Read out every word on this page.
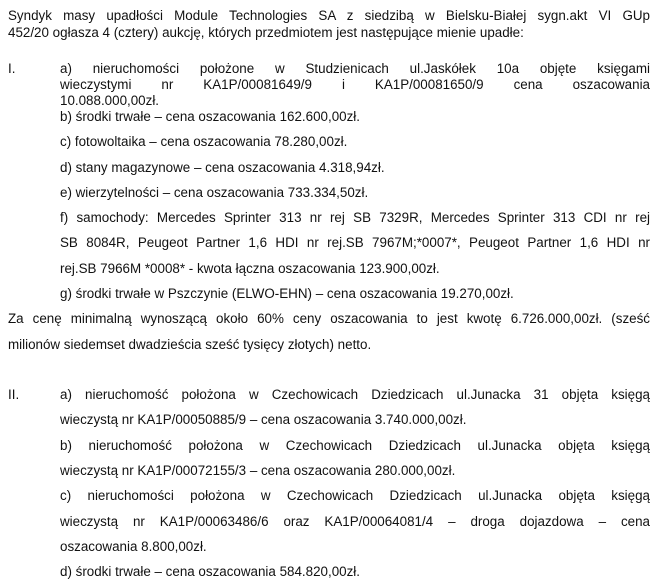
Syndyk masy upadłości Module Technologies SA z siedzibą w Bielsku-Białej sygn.akt VI GUp
452/20 ogłasza 4 (cztery) aukcję, których przedmiotem jest następujące mienie upadłe:
I.	a) nieruchomości położone w Studzienicach ul.Jaskółek 10a objęte księgami
wieczystymi nr KA1P/00081649/9 i KA1P/00081650/9 cena oszacowania
10.088.000,00zł.
b) środki trwałe – cena oszacowania 162.600,00zł.
c) fotowoltaika – cena oszacowania 78.280,00zł.
d) stany magazynowe – cena oszacowania 4.318,94zł.
e) wierzytelności – cena oszacowania 733.334,50zł.
f) samochody: Mercedes Sprinter 313 nr rej SB 7329R, Mercedes Sprinter 313 CDI nr rej
SB 8084R, Peugeot Partner 1,6 HDI nr rej.SB 7967M;*0007*, Peugeot Partner 1,6 HDI nr
rej.SB 7966M *0008* - kwota łączna oszacowania 123.900,00zł.
g) środki trwałe w Pszczynie (ELWO-EHN) – cena oszacowania 19.270,00zł.
Za cenę minimalną wynoszącą około 60% ceny oszacowania to jest kwotę 6.726.000,00zł. (sześć
milionów siedemset dwadzieścia sześć tysięcy złotych) netto.
II.	a) nieruchomość położona w Czechowicach Dziedzicach ul.Junacka 31 objęta księgą
wieczystą nr KA1P/00050885/9 – cena oszacowania 3.740.000,00zł.
b) nieruchomość położona w Czechowicach Dziedzicach ul.Junacka objęta księgą
wieczystą nr KA1P/00072155/3 – cena oszacowania 280.000,00zł.
c) nieruchomości położona w Czechowicach Dziedzicach ul.Junacka objęta księgą
wieczystą nr KA1P/00063486/6 oraz KA1P/00064081/4 – droga dojazdowa – cena
oszacowania 8.800,00zł.
d) środki trwałe – cena oszacowania 584.820,00zł.
